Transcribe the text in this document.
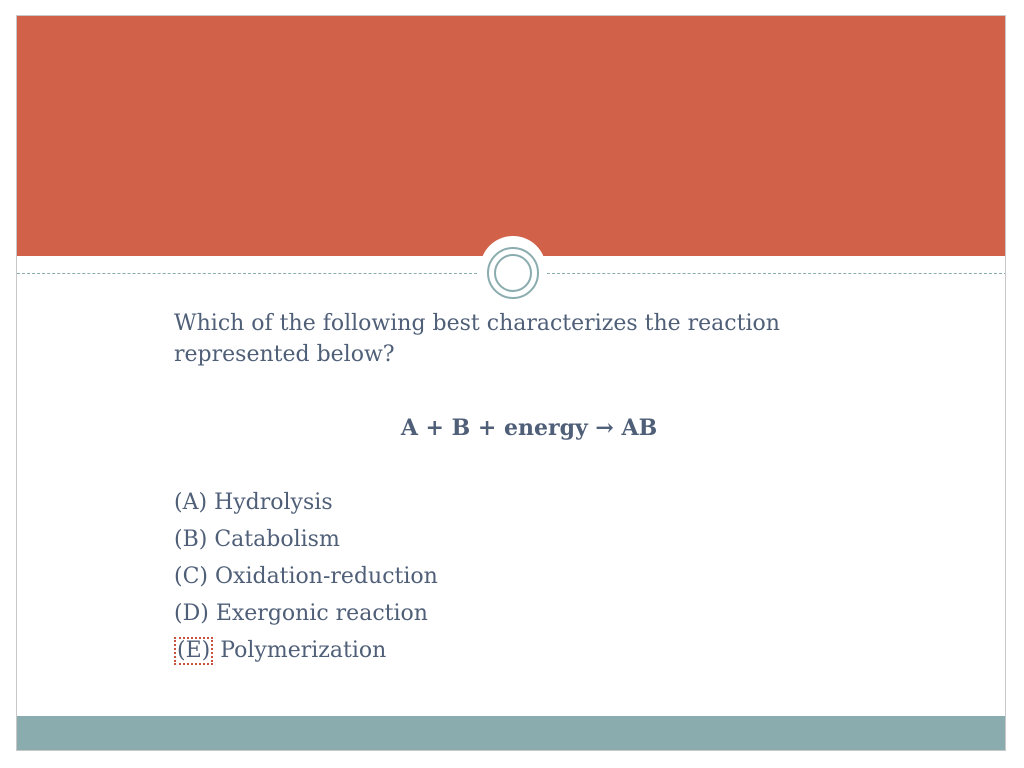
Which of the following best characterizes the reaction
represented below?

A + B + energy → AB
(A) Hydrolysis
(B) Catabolism
(C) Oxidation-reduction
(D) Exergonic reaction
(E) Polymerization
